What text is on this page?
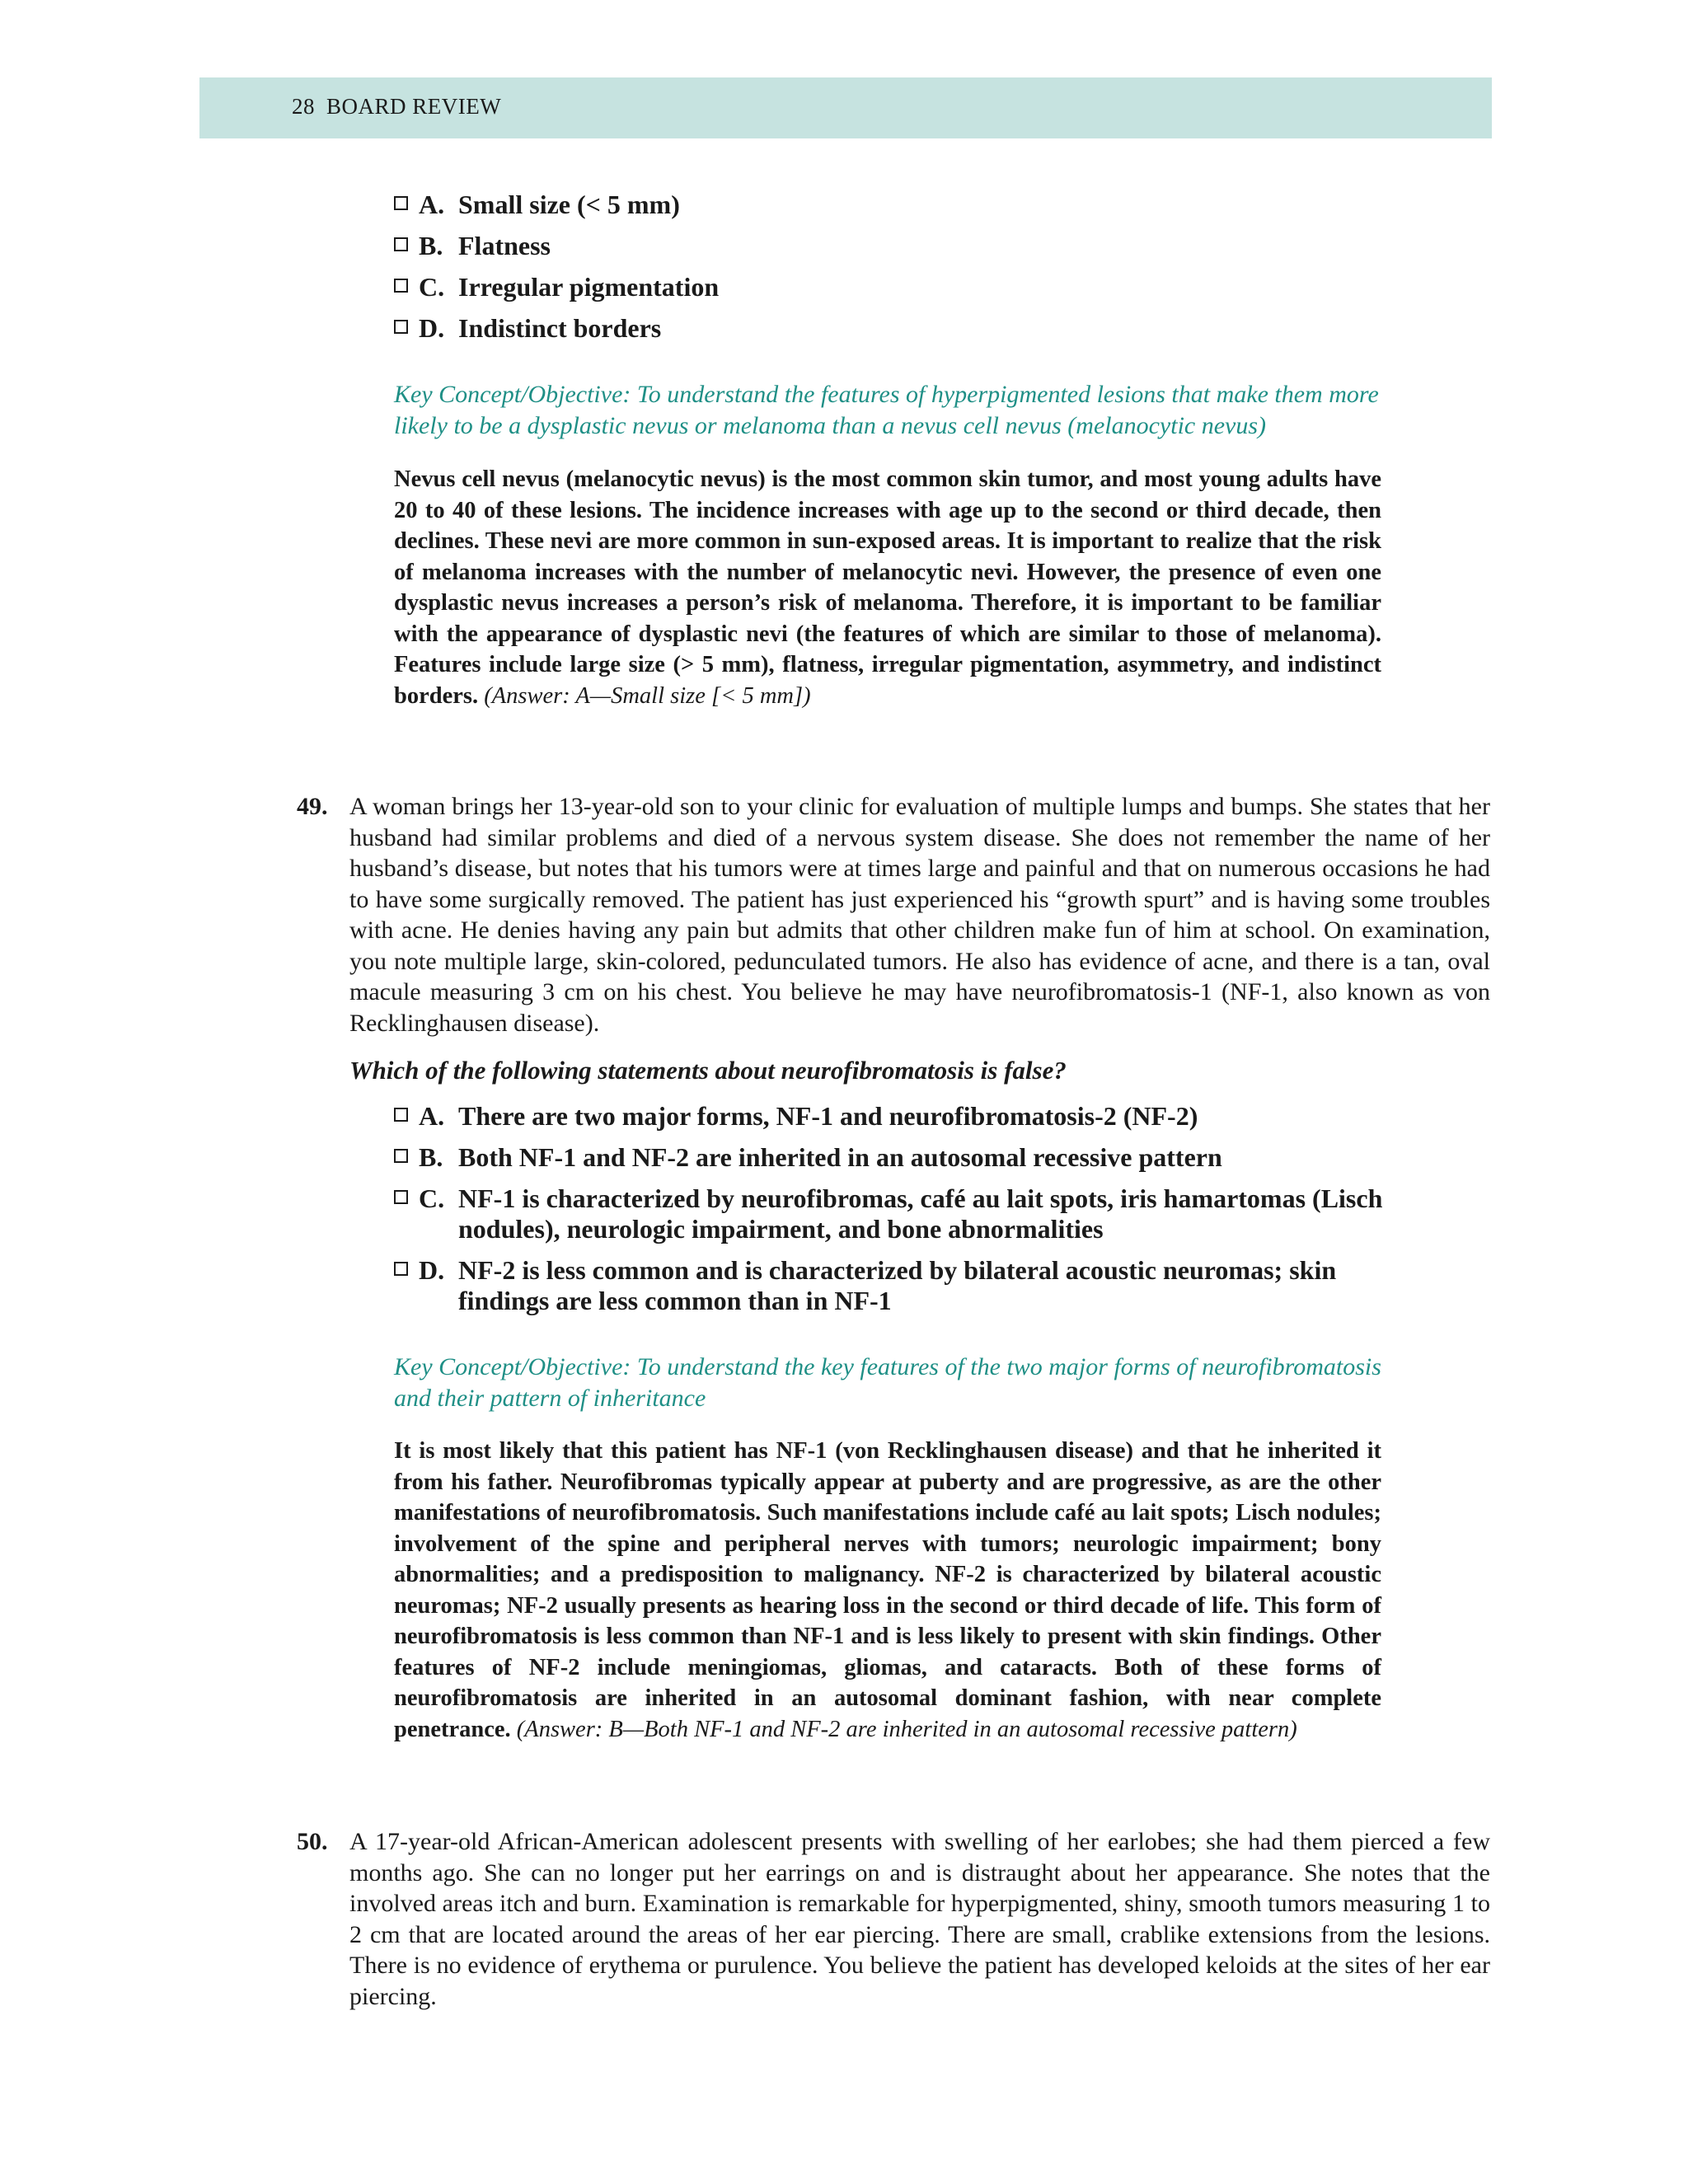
28 BOARD REVIEW
A. Small size (< 5 mm)
B. Flatness
C. Irregular pigmentation
D. Indistinct borders
Key Concept/Objective: To understand the features of hyperpigmented lesions that make them more likely to be a dysplastic nevus or melanoma than a nevus cell nevus (melanocytic nevus)
Nevus cell nevus (melanocytic nevus) is the most common skin tumor, and most young adults have 20 to 40 of these lesions. The incidence increases with age up to the second or third decade, then declines. These nevi are more common in sun-exposed areas. It is important to realize that the risk of melanoma increases with the number of melanocytic nevi. However, the presence of even one dysplastic nevus increases a person’s risk of melanoma. Therefore, it is important to be familiar with the appearance of dysplastic nevi (the features of which are similar to those of melanoma). Features include large size (> 5 mm), flatness, irregular pigmentation, asymmetry, and indistinct borders. (Answer: A—Small size [< 5 mm])
49. A woman brings her 13-year-old son to your clinic for evaluation of multiple lumps and bumps. She states that her husband had similar problems and died of a nervous system disease. She does not remember the name of her husband’s disease, but notes that his tumors were at times large and painful and that on numerous occasions he had to have some surgically removed. The patient has just experienced his “growth spurt” and is having some troubles with acne. He denies having any pain but admits that other children make fun of him at school. On examination, you note multiple large, skin-colored, pedunculated tumors. He also has evidence of acne, and there is a tan, oval macule measuring 3 cm on his chest. You believe he may have neurofibromatosis-1 (NF-1, also known as von Recklinghausen disease).
Which of the following statements about neurofibromatosis is false?
A. There are two major forms, NF-1 and neurofibromatosis-2 (NF-2)
B. Both NF-1 and NF-2 are inherited in an autosomal recessive pattern
C. NF-1 is characterized by neurofibromas, café au lait spots, iris hamartomas (Lisch nodules), neurologic impairment, and bone abnormalities
D. NF-2 is less common and is characterized by bilateral acoustic neuromas; skin findings are less common than in NF-1
Key Concept/Objective: To understand the key features of the two major forms of neurofibromatosis and their pattern of inheritance
It is most likely that this patient has NF-1 (von Recklinghausen disease) and that he inherited it from his father. Neurofibromas typically appear at puberty and are progressive, as are the other manifestations of neurofibromatosis. Such manifestations include café au lait spots; Lisch nodules; involvement of the spine and peripheral nerves with tumors; neurologic impairment; bony abnormalities; and a predisposition to malignancy. NF-2 is characterized by bilateral acoustic neuromas; NF-2 usually presents as hearing loss in the second or third decade of life. This form of neurofibromatosis is less common than NF-1 and is less likely to present with skin findings. Other features of NF-2 include meningiomas, gliomas, and cataracts. Both of these forms of neurofibromatosis are inherited in an autosomal dominant fashion, with near complete penetrance. (Answer: B—Both NF-1 and NF-2 are inherited in an autosomal recessive pattern)
50. A 17-year-old African-American adolescent presents with swelling of her earlobes; she had them pierced a few months ago. She can no longer put her earrings on and is distraught about her appearance. She notes that the involved areas itch and burn. Examination is remarkable for hyperpigmented, shiny, smooth tumors measuring 1 to 2 cm that are located around the areas of her ear piercing. There are small, crablike extensions from the lesions. There is no evidence of erythema or purulence. You believe the patient has developed keloids at the sites of her ear piercing.
